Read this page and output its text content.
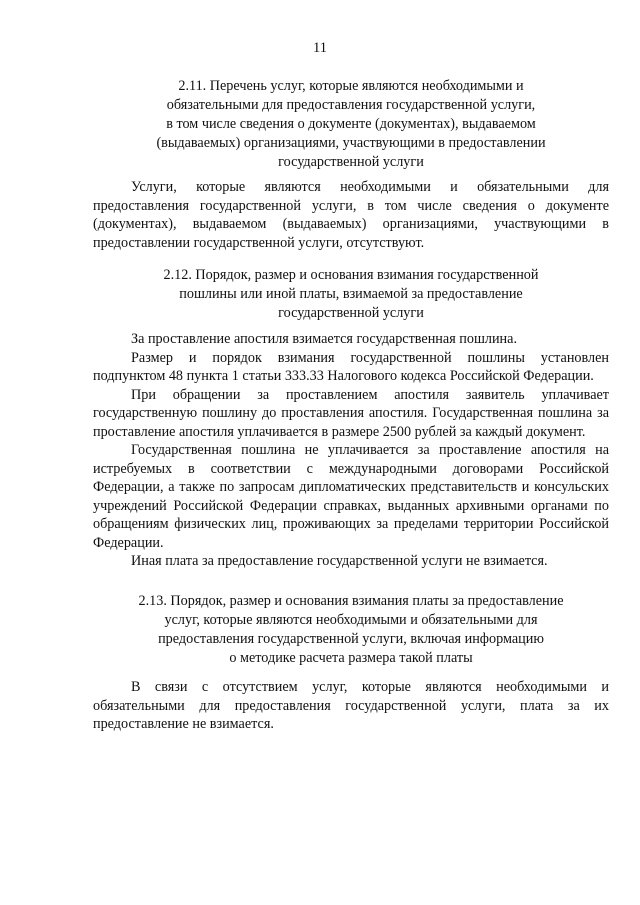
11
2.11. Перечень услуг, которые являются необходимыми и
обязательными для предоставления государственной услуги,
в том числе сведения о документе (документах), выдаваемом
(выдаваемых) организациями, участвующими в предоставлении
государственной услуги

Услуги, которые являются необходимыми и обязательными для предоставления государственной услуги, в том числе сведения о документе (документах), выдаваемом (выдаваемых) организациями, участвующими в предоставлении государственной услуги, отсутствуют.

2.12. Порядок, размер и основания взимания государственной
пошлины или иной платы, взимаемой за предоставление
государственной услуги

За проставление апостиля взимается государственная пошлина.

Размер и порядок взимания государственной пошлины установлен подпунктом 48 пункта 1 статьи 333.33 Налогового кодекса Российской Федерации.

При обращении за проставлением апостиля заявитель уплачивает государственную пошлину до проставления апостиля. Государственная пошлина за проставление апостиля уплачивается в размере 2500 рублей за каждый документ.

Государственная пошлина не уплачивается за проставление апостиля на истребуемых в соответствии с международными договорами Российской Федерации, а также по запросам дипломатических представительств и консульских учреждений Российской Федерации справках, выданных архивными органами по обращениям физических лиц, проживающих за пределами территории Российской Федерации.

Иная плата за предоставление государственной услуги не взимается.

2.13. Порядок, размер и основания взимания платы за предоставление
услуг, которые являются необходимыми и обязательными для
предоставления государственной услуги, включая информацию
о методике расчета размера такой платы

В связи с отсутствием услуг, которые являются необходимыми и обязательными для предоставления государственной услуги, плата за их предоставление не взимается.
